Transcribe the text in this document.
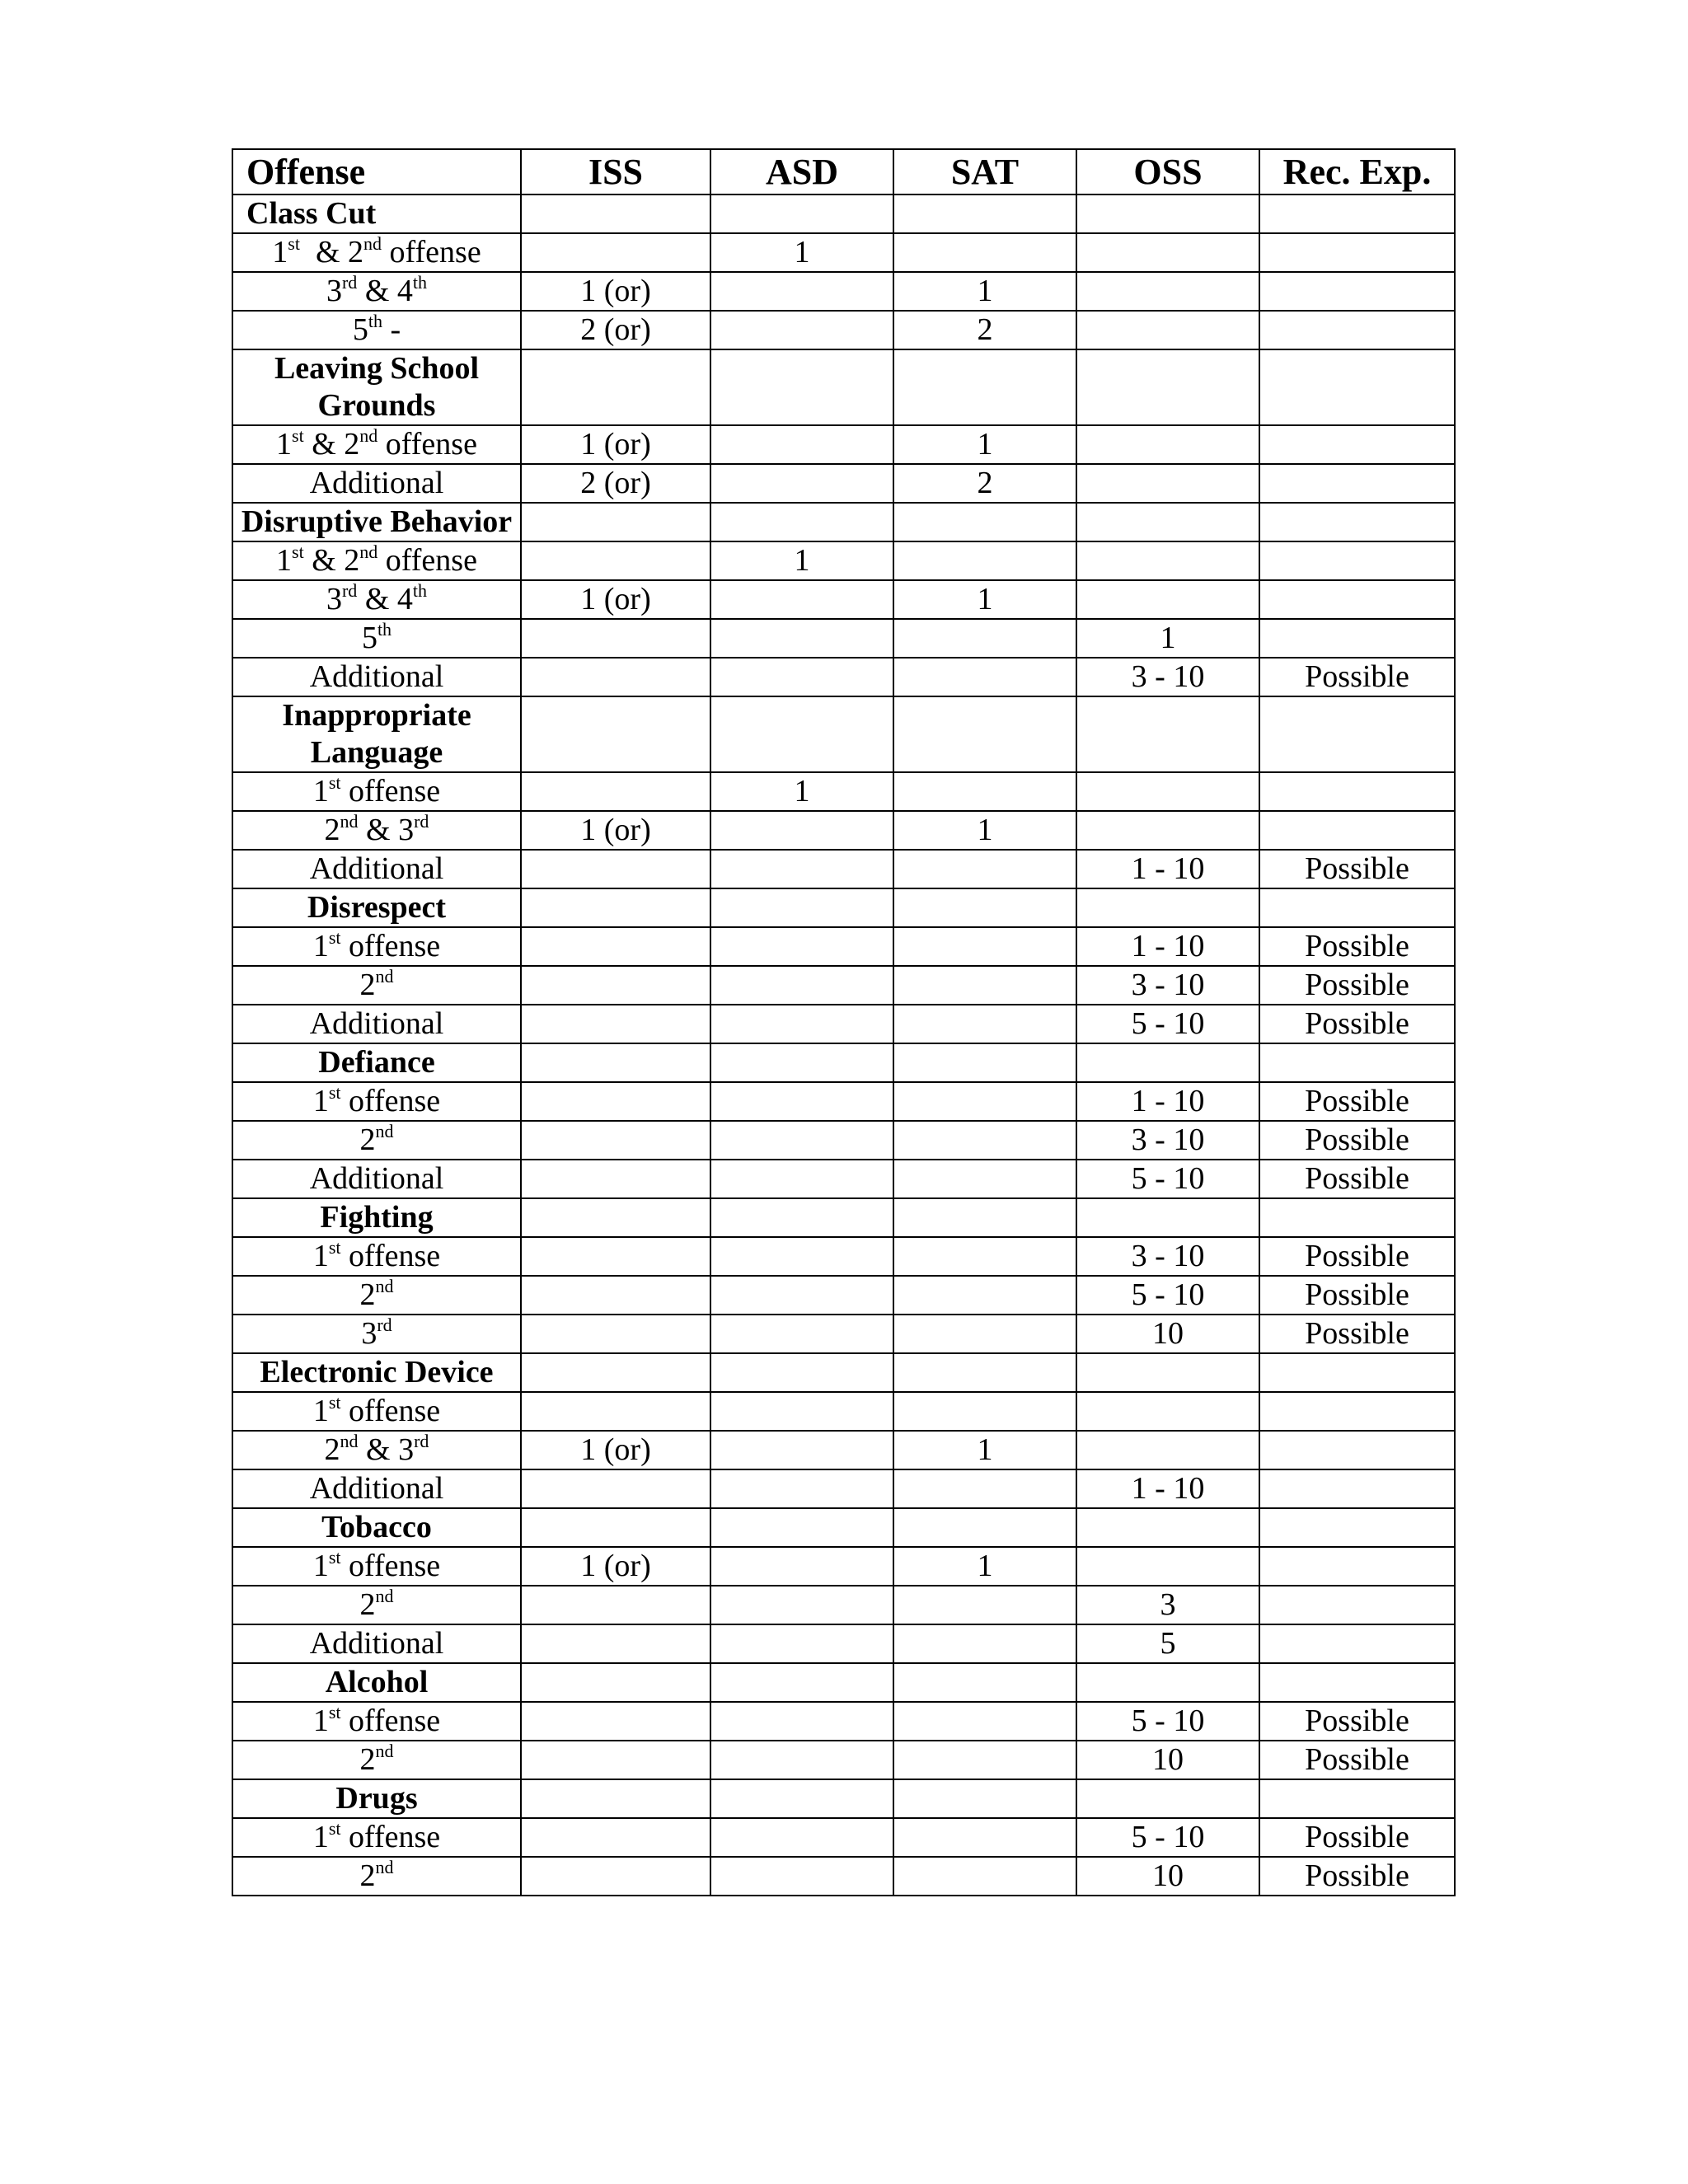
Offense	ISS	ASD	SAT	OSS	Rec. Exp.
Class Cut					
1st  & 2nd offense		1			
3rd & 4th	1 (or)		1		
5th -	2 (or)		2		
Leaving School Grounds					
1st & 2nd offense	1 (or)		1		
Additional	2 (or)		2		
Disruptive Behavior					
1st & 2nd offense		1			
3rd & 4th	1 (or)		1		
5th				1	
Additional				3 - 10	Possible
Inappropriate Language					
1st offense		1			
2nd & 3rd	1 (or)		1		
Additional				1 - 10	Possible
Disrespect					
1st offense				1 - 10	Possible
2nd				3 - 10	Possible
Additional				5 - 10	Possible
Defiance					
1st offense				1 - 10	Possible
2nd				3 - 10	Possible
Additional				5 - 10	Possible
Fighting					
1st offense				3 - 10	Possible
2nd				5 - 10	Possible
3rd				10	Possible
Electronic Device					
1st offense					
2nd & 3rd	1 (or)		1		
Additional				1 - 10	
Tobacco					
1st offense	1 (or)		1		
2nd				3	
Additional				5	
Alcohol					
1st offense				5 - 10	Possible
2nd				10	Possible
Drugs					
1st offense				5 - 10	Possible
2nd				10	Possible
